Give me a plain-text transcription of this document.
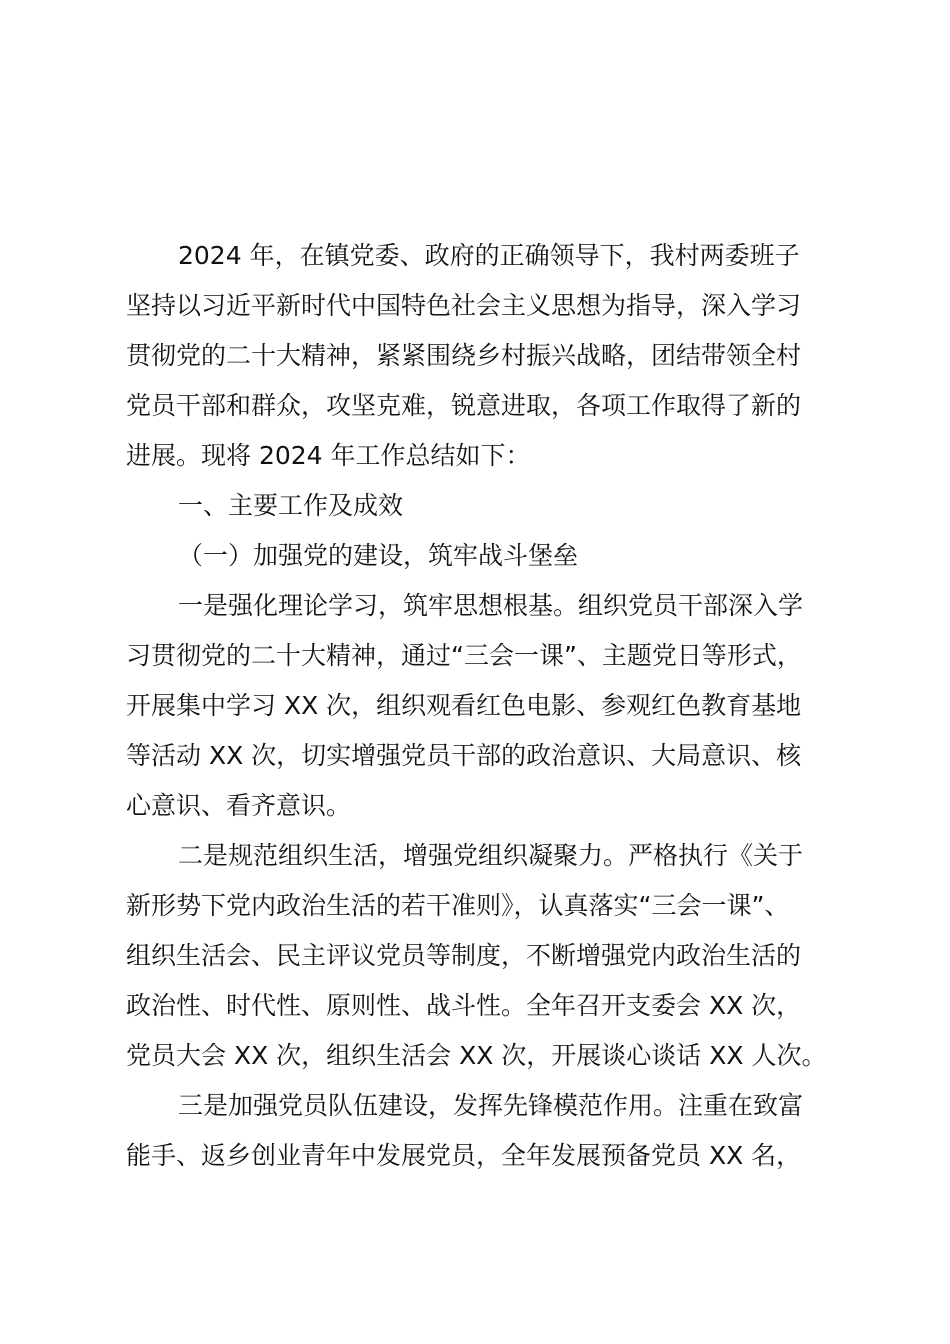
2024 年，在镇党委、政府的正确领导下，我村两委班子
坚持以习近平新时代中国特色社会主义思想为指导，深入学习
贯彻党的二十大精神，紧紧围绕乡村振兴战略，团结带领全村
党员干部和群众，攻坚克难，锐意进取，各项工作取得了新的
进展。现将 2024 年工作总结如下：
一、主要工作及成效
（一）加强党的建设，筑牢战斗堡垒
一是强化理论学习，筑牢思想根基。组织党员干部深入学
习贯彻党的二十大精神，通过“三会一课”、主题党日等形式，
开展集中学习 XX 次，组织观看红色电影、参观红色教育基地
等活动 XX 次，切实增强党员干部的政治意识、大局意识、核
心意识、看齐意识。
二是规范组织生活，增强党组织凝聚力。严格执行《关于
新形势下党内政治生活的若干准则》，认真落实“三会一课”、
组织生活会、民主评议党员等制度，不断增强党内政治生活的
政治性、时代性、原则性、战斗性。全年召开支委会 XX 次，
党员大会 XX 次，组织生活会 XX 次，开展谈心谈话 XX 人次。
三是加强党员队伍建设，发挥先锋模范作用。注重在致富
能手、返乡创业青年中发展党员，全年发展预备党员 XX 名，
